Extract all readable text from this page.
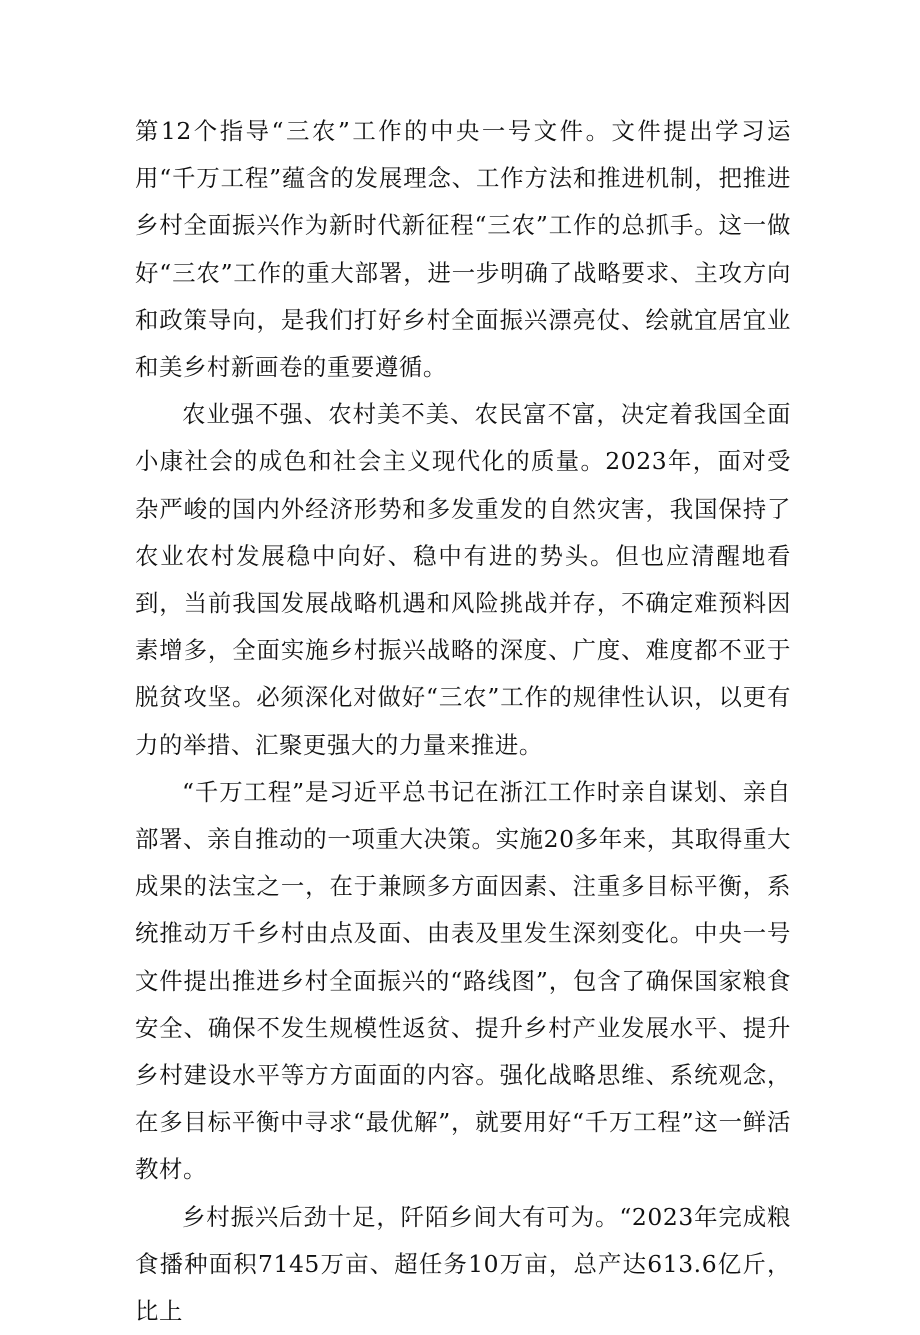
第12个指导“三农”工作的中央一号文件。文件提出学习运用“千万工程”蕴含的发展理念、工作方法和推进机制，把推进乡村全面振兴作为新时代新征程“三农”工作的总抓手。这一做好“三农”工作的重大部署，进一步明确了战略要求、主攻方向和政策导向，是我们打好乡村全面振兴漂亮仗、绘就宜居宜业和美乡村新画卷的重要遵循。

农业强不强、农村美不美、农民富不富，决定着我国全面小康社会的成色和社会主义现代化的质量。2023年，面对受杂严峻的国内外经济形势和多发重发的自然灾害，我国保持了农业农村发展稳中向好、稳中有进的势头。但也应清醒地看到，当前我国发展战略机遇和风险挑战并存，不确定难预料因素增多，全面实施乡村振兴战略的深度、广度、难度都不亚于脱贫攻坚。必须深化对做好“三农”工作的规律性认识，以更有力的举措、汇聚更强大的力量来推进。

“千万工程”是习近平总书记在浙江工作时亲自谋划、亲自部署、亲自推动的一项重大决策。实施20多年来，其取得重大成果的法宝之一，在于兼顾多方面因素、注重多目标平衡，系统推动万千乡村由点及面、由表及里发生深刻变化。中央一号文件提出推进乡村全面振兴的“路线图”，包含了确保国家粮食安全、确保不发生规模性返贫、提升乡村产业发展水平、提升乡村建设水平等方方面面的内容。强化战略思维、系统观念，在多目标平衡中寻求“最优解”，就要用好“千万工程”这一鲜活教材。

乡村振兴后劲十足，阡陌乡间大有可为。“2023年完成粮食播种面积7145万亩、超任务10万亩，总产达613.6亿斤，比上
